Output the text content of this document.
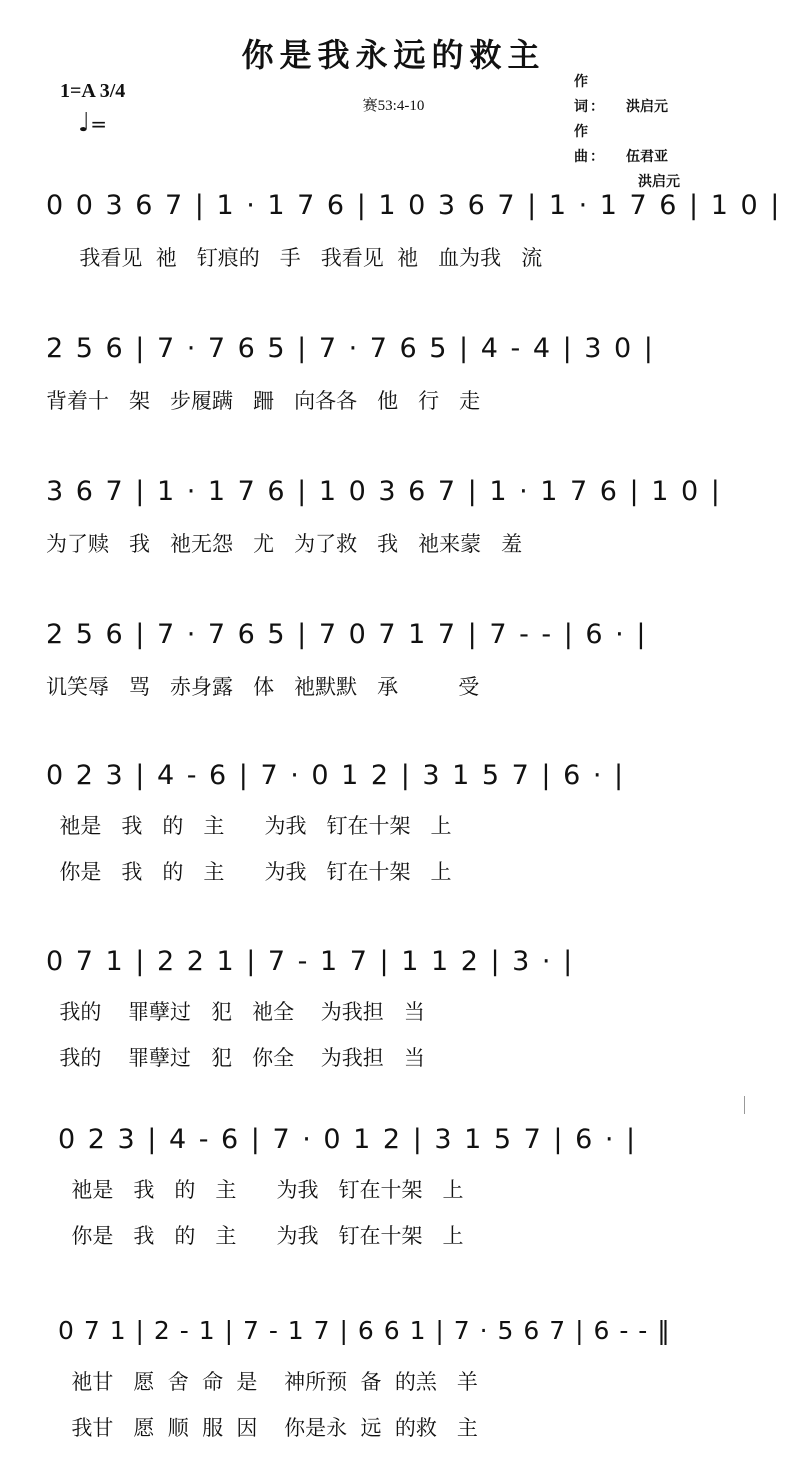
你是我永远的救主
1=A 3/4
♩=
赛53:4-10
作 词： 洪启元
作 曲： 伍君亚
洪启元
0 0 3 6 7 | 1 · 1 7 6 | 1 0 3 6 7 | 1 · 1 7 6 | 1 0 |
我看见  祂   钉痕的   手   我看见  祂   血为我   流
2 5 6 | 7 · 7 6 5 | 7 · 7 6 5 | 4 - 4 | 3 0 |
背着十   架   步履蹒   跚   向各各   他   行   走
3 6 7 | 1 · 1 7 6 | 1 0 3 6 7 | 1 · 1 7 6 | 1 0 |
为了赎   我   祂无怨   尤   为了救   我   祂来蒙   羞
2 5 6 | 7 · 7 6 5 | 7 0 7 1 7 | 7 - - | 6 · |
讥笑辱   骂   赤身露   体   祂默默   承         受
0 2 3 | 4 - 6 | 7 · 0 1 2 | 3 1 5 7 | 6 · |
祂是   我   的   主      为我   钉在十架   上
你是   我   的   主      为我   钉在十架   上
0 7 1 | 2 2 1 | 7 - 1 7 | 1 1 2 | 3 · |
我的    罪孽过   犯   祂全    为我担   当
我的    罪孽过   犯   你全    为我担   当
0 2 3 | 4 - 6 | 7 · 0 1 2 | 3 1 5 7 | 6 · |
祂是   我   的   主      为我   钉在十架   上
你是   我   的   主      为我   钉在十架   上
0 7 1 | 2 - 1 | 7 - 1 7 | 6 6 1 | 7 · 5 6 7 | 6 - - ‖
祂甘   愿  舍  命  是    神所预  备  的羔   羊
我甘   愿  顺  服  因    你是永  远  的救   主
